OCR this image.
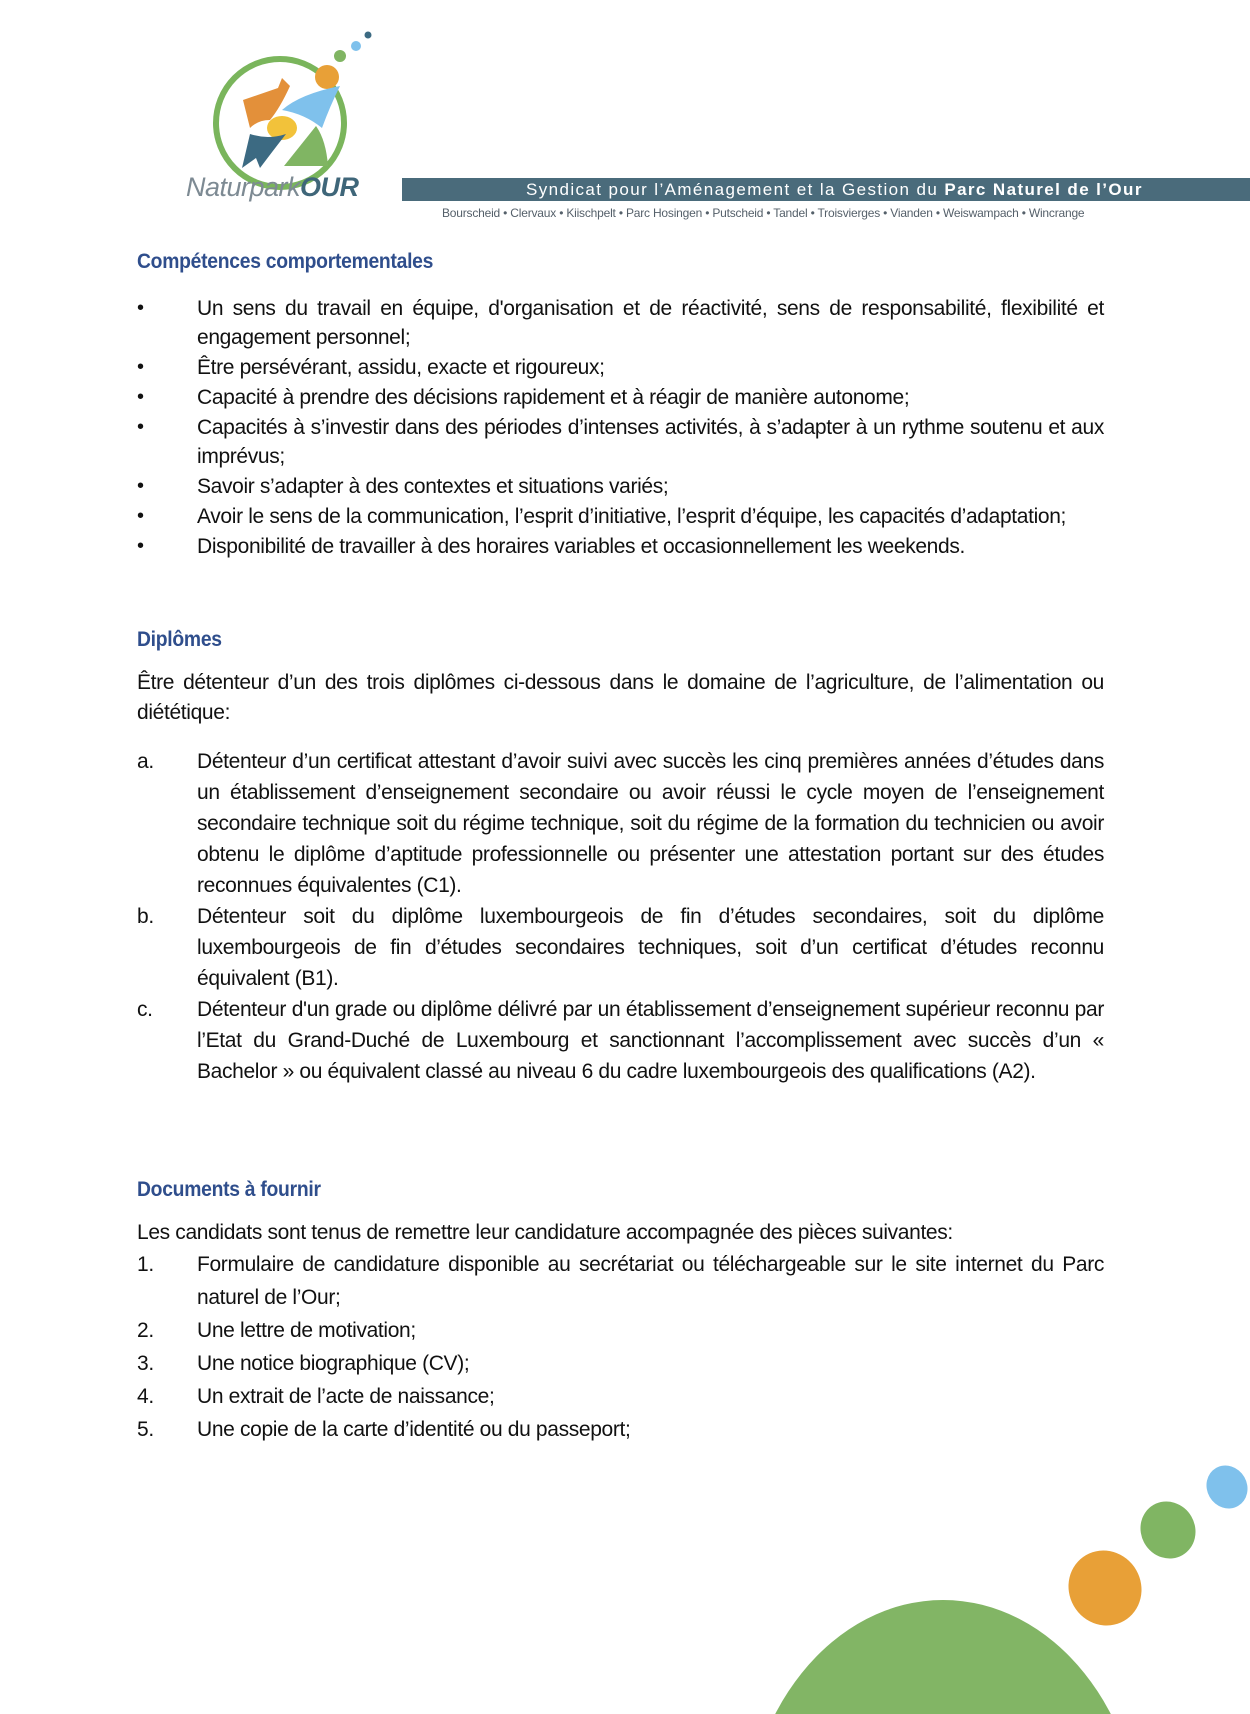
NaturparkOUR	Syndicat pour l’Aménagement et la Gestion du Parc Naturel de l’Our
Bourscheid • Clervaux • Kiischpelt • Parc Hosingen • Putscheid • Tandel • Troisvierges • Vianden • Weiswampach • Wincrange
Compétences comportementales
•	Un sens du travail en équipe, d'organisation et de réactivité, sens de responsabilité, flexibilité et engagement personnel;
•	Être persévérant, assidu, exacte et rigoureux;
•	Capacité à prendre des décisions rapidement et à réagir de manière autonome;
•	Capacités à s’investir dans des périodes d’intenses activités, à s’adapter à un rythme soutenu et aux imprévus;
•	Savoir s’adapter à des contextes et situations variés;
•	Avoir le sens de la communication, l’esprit d’initiative, l’esprit d’équipe, les capacités d’adaptation;
•	Disponibilité de travailler à des horaires variables et occasionnellement les weekends.
Diplômes

Être détenteur d’un des trois diplômes ci-dessous dans le domaine de l’agriculture, de l’alimentation ou diététique:

a.	Détenteur d’un certificat attestant d’avoir suivi avec succès les cinq premières années d’études dans un établissement d’enseignement secondaire ou avoir réussi le cycle moyen de l’enseignement secondaire technique soit du régime technique, soit du régime de la formation du technicien ou avoir obtenu le diplôme d’aptitude professionnelle ou présenter une attestation portant sur des études reconnues équivalentes (C1).
b.	Détenteur soit du diplôme luxembourgeois de fin d’études secondaires, soit du diplôme luxembourgeois de fin d’études secondaires techniques, soit d’un certificat d’études reconnu équivalent (B1).
c.	Détenteur d'un grade ou diplôme délivré par un établissement d’enseignement supérieur reconnu par l’Etat du Grand-Duché de Luxembourg et sanctionnant l’accomplissement avec succès d’un « Bachelor » ou équivalent classé au niveau 6 du cadre luxembourgeois des qualifications (A2).
Documents à fournir

Les candidats sont tenus de remettre leur candidature accompagnée des pièces suivantes:

1.	Formulaire de candidature disponible au secrétariat ou téléchargeable sur le site internet du Parc naturel de l’Our;
2.	Une lettre de motivation;
3.	Une notice biographique (CV);
4.	Un extrait de l’acte de naissance;
5.	Une copie de la carte d’identité ou du passeport;
